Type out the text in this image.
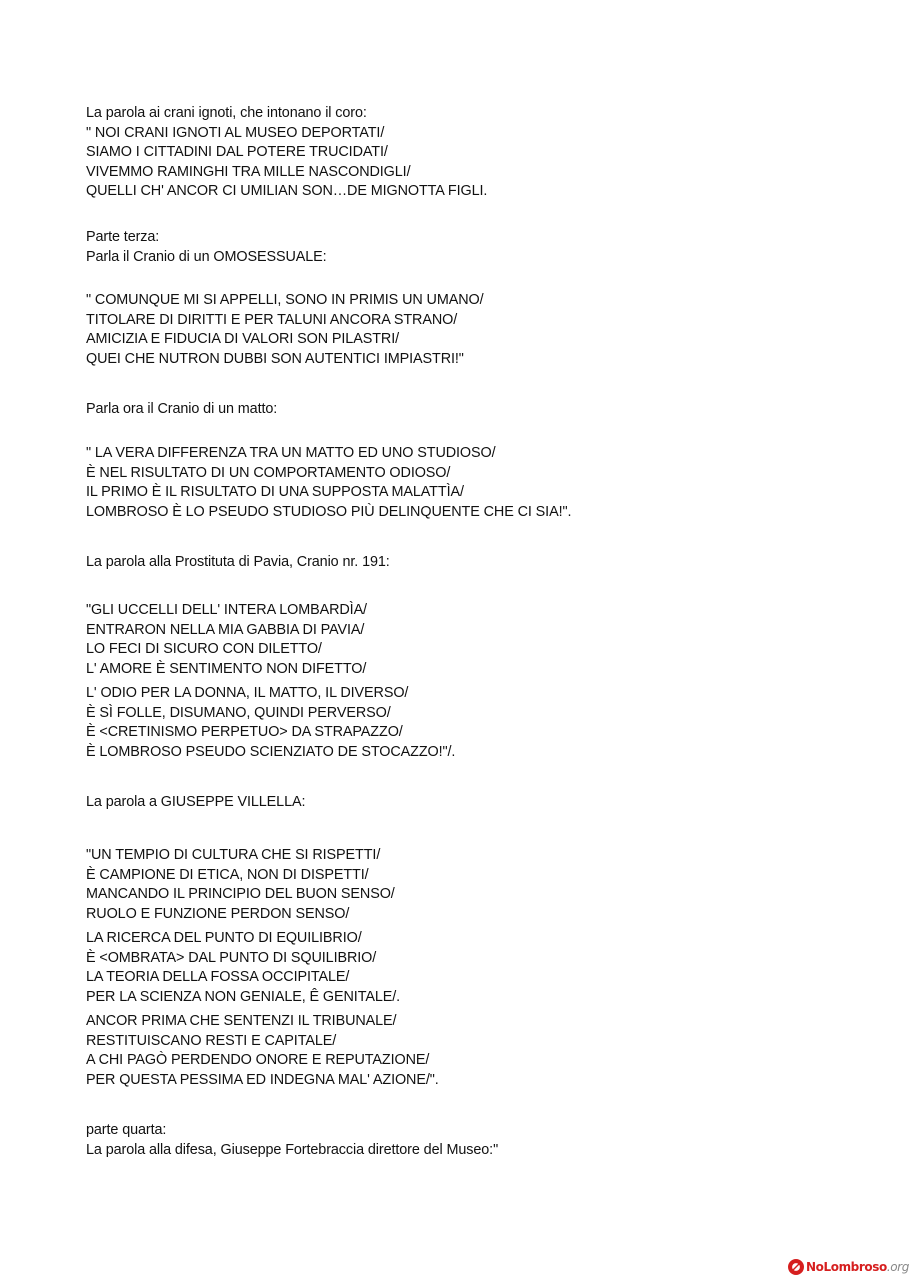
La parola ai crani ignoti, che intonano il coro:
" NOI CRANI IGNOTI AL MUSEO DEPORTATI/
SIAMO I CITTADINI DAL POTERE TRUCIDATI/
VIVEMMO RAMINGHI TRA MILLE NASCONDIGLI/
QUELLI CH' ANCOR CI UMILIAN SON…DE MIGNOTTA FIGLI.
Parte terza:
Parla il Cranio di un OMOSESSUALE:
" COMUNQUE MI SI APPELLI, SONO IN PRIMIS UN UMANO/
TITOLARE DI DIRITTI E PER TALUNI ANCORA STRANO/
AMICIZIA E FIDUCIA DI VALORI SON PILASTRI/
QUEI CHE NUTRON DUBBI SON AUTENTICI IMPIASTRI!"
Parla ora il Cranio di un matto:
" LA VERA DIFFERENZA TRA UN MATTO ED UNO STUDIOSO/
È NEL RISULTATO DI UN COMPORTAMENTO ODIOSO/
IL PRIMO È IL RISULTATO DI UNA SUPPOSTA MALATTÌA/
LOMBROSO È LO PSEUDO STUDIOSO PIÙ DELINQUENTE CHE CI SIA!".
La parola alla Prostituta di Pavia, Cranio nr. 191:
"GLI UCCELLI DELL' INTERA LOMBARDÌA/
ENTRARON NELLA MIA GABBIA DI PAVIA/
LO FECI DI SICURO CON DILETTO/
L' AMORE È SENTIMENTO NON DIFETTO/
L' ODIO PER LA DONNA, IL MATTO, IL DIVERSO/
È SÌ FOLLE, DISUMANO, QUINDI PERVERSO/
È <CRETINISMO PERPETUO> DA STRAPAZZO/
È LOMBROSO PSEUDO SCIENZIATO DE STOCAZZO!"/.
La parola a GIUSEPPE VILLELLA:
"UN TEMPIO DI CULTURA CHE SI RISPETTI/
È CAMPIONE DI ETICA, NON DI DISPETTI/
MANCANDO IL PRINCIPIO DEL BUON SENSO/
RUOLO E FUNZIONE PERDON SENSO/
LA RICERCA DEL PUNTO DI EQUILIBRIO/
È <OMBRATA> DAL PUNTO DI SQUILIBRIO/
LA TEORIA DELLA FOSSA OCCIPITALE/
PER LA SCIENZA NON GENIALE, Ê GENITALE/.
ANCOR PRIMA CHE SENTENZI IL TRIBUNALE/
RESTITUISCANO RESTI E CAPITALE/
A CHI PAGÒ PERDENDO ONORE E REPUTAZIONE/
PER QUESTA PESSIMA ED INDEGNA MAL' AZIONE/".
parte quarta:
La parola alla difesa, Giuseppe Fortebraccia direttore del Museo:"
NoLombroso .org
